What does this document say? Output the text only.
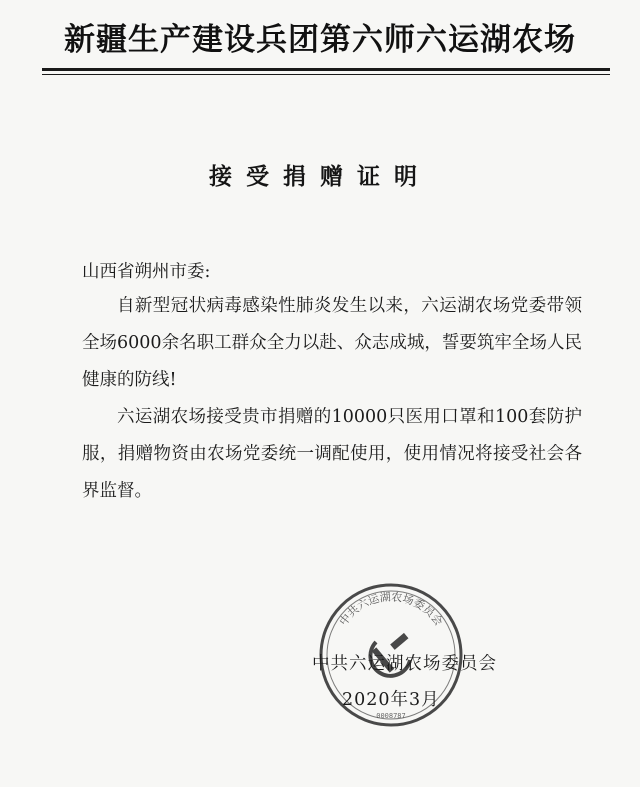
新疆生产建设兵团第六师六运湖农场
接受捐赠证明
山西省朔州市委:

自新型冠状病毒感染性肺炎发生以来，六运湖农场党委带领全场6000余名职工群众全力以赴、众志成城，誓要筑牢全场人民健康的防线!

六运湖农场接受贵市捐赠的10000只医用口罩和100套防护服，捐赠物资由农场党委统一调配使用，使用情况将接受社会各界监督。

中共六运湖农场委员会
0008787
中共六运湖农场委员会
2020年3月
